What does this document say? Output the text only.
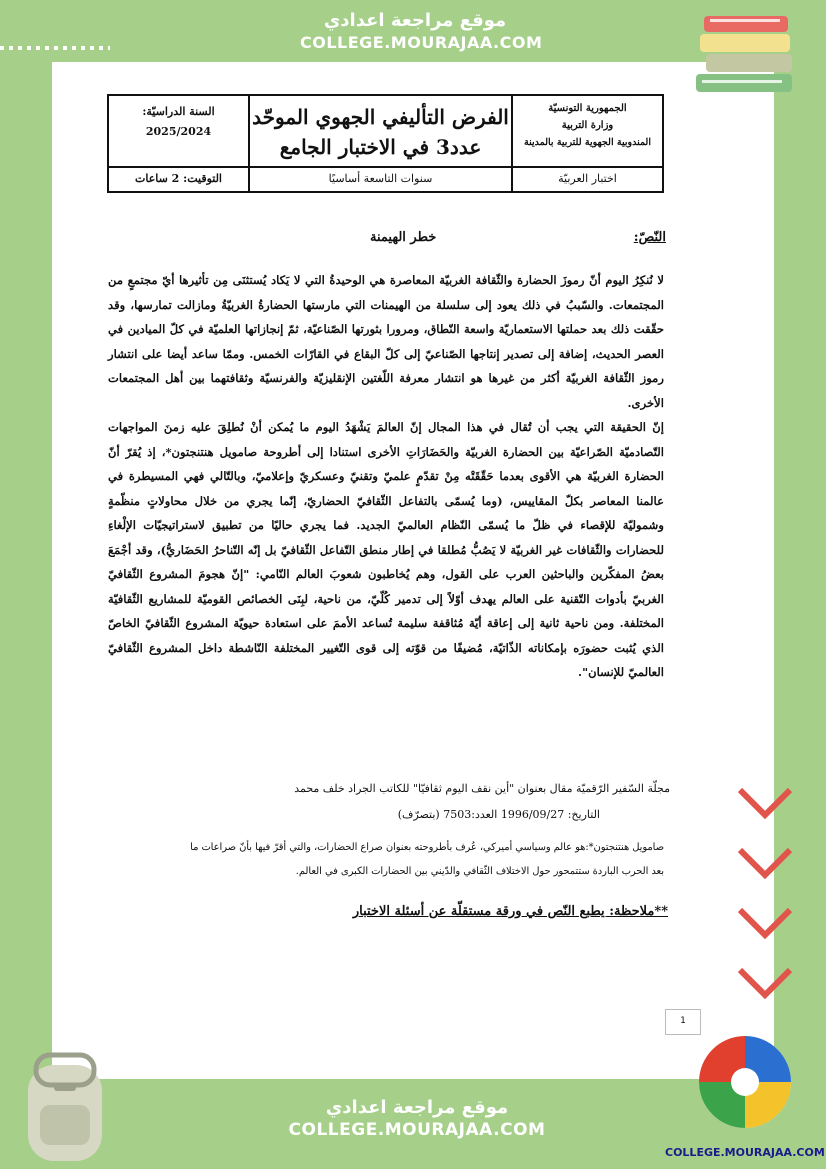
موقع مراجعة اعدادي
COLLEGE.MOURAJAA.COM
الجمهورية التونسيّة
وزارة التربية
المندوبية الجهوية للتربية بالمدينة
الفرض التأليفي الجهوي الموحّد
عدد3 في الاختبار الجامع
السنة الدراسيّة:
2025/2024
اختبار العربيّة
سنوات التاسعة أساسيًا
التوقيت: 2 ساعات
النّصّ:
خطر الهيمنة

لا نُنكِرُ اليوم أنّ رموزَ الحضارة والثّقافة الغربيّة المعاصرة هي الوحيدةُ التي لا يَكاد يُستثنَى مِن تأثيرها أيّ مجتمعٍ من المجتمعات. والسّببُ في ذلك يعود إلى سلسلة من الهيمنات التي مارستها الحضارةُ الغربيّةُ ومازالت تمارسها، وقد حقّقت ذلك بعد حملتها الاستعماريّة واسعة النّطاق، ومرورا بثورتها الصّناعيّة، ثمّ إنجازاتها العلميّة في كلّ الميادين في العصر الحديث، إضافة إلى تصدير إنتاجها الصّناعيّ إلى كلّ البقاع في القارّات الخمس. وممّا ساعد أيضا على انتشار رموز الثّقافة الغربيّة أكثر من غيرها هو انتشار معرفة اللّغتين الإنقليزيّة والفرنسيّة وثقافتهما بين أهل المجتمعات الأخرى.

إنّ الحقيقة التي يجب أن تُقال في هذا المجال إنّ العالمَ يَشْهَدُ اليوم ما يُمكن أنْ نُطلِقَ عليه زمنَ المواجهات التّصادميّة الصّراعيّة بين الحضارة الغربيّة والحَضَارَاتِ الأخرى استنادا إلى أطروحة صامويل هنتنجتون*، إذ يُقرّ أنّ الحضارة الغربيّة هي الأقوى بعدما حَقّقَتْه مِنْ تقدّمٍ علميّ وتقنيّ وعسكريّ وإعلاميّ، وبالتّالي فهي المسيطرة في عالمنا المعاصر بكلّ المقاييس، (وما يُسمّى بالتفاعل الثّقافيّ الحضاريّ، إنّما يجري من خلال محاولاتٍ منظّمةٍ وشموليّة للإقصاء في ظلّ ما يُسمّى النّظام العالميّ الجديد. فما يجري حاليًا من تطبيق لاستراتيجيّات الإلْغاءِ للحضارات والثّقافات غير الغربيّة لا يَصُبُّ مُطلقا في إطار منطق التّفاعل الثّقافيّ بل إنّه التّناحرُ الحَضَاريُّ)، وقد أجْمَعَ بعضُ المفكّرين والباحثين العرب على القول، وهم يُخاطبون شعوبَ العالم النّامي: "إنّ هجومَ المشروع الثّقافيّ الغربيّ بأدوات التّقنية على العالم يهدف أوّلاً إلى تدمير كُلّيّ، من ناحية، لبِنَى الخصائص القوميّة للمشاريع الثّقافيّة المختلفة. ومن ناحية ثانية إلى إعاقة أيّة مُثاقفة سليمة تُساعد الأممَ على استعادة حيويّة المشروع الثّقافيّ الخاصّ الذي يُثبت حضورَه بإمكاناته الذّاتيّة، مُضيفًا من قوّته إلى قوى التّغيير المختلفة النّاشطة داخل المشروع الثّقافيّ العالميّ للإنسان".

مجلّة السّفير الرّقميّة مقال بعنوان "أين نقف اليوم ثقافيّا" للكاتب الجراد خلف محمد
التاريخ: 1996/09/27 العدد:7503 (بتصرّف)
صامويل هنتنجتون*:هو عالم وسياسي أميركي، عُرف بأطروحته بعنوان صراع الحضارات، والتي أقرّ فيها بأنّ صراعات ما
بعد الحرب الباردة ستتمحور حول الاختلاف الثّقافي والدّيني بين الحضارات الكبرى في العالم.
**ملاحظة: يطبع النّص في ورقة مستقلّة عن أسئلة الاختبار
1
موقع مراجعة اعدادي
COLLEGE.MOURAJAA.COM
COLLEGE.MOURAJAA.COM
